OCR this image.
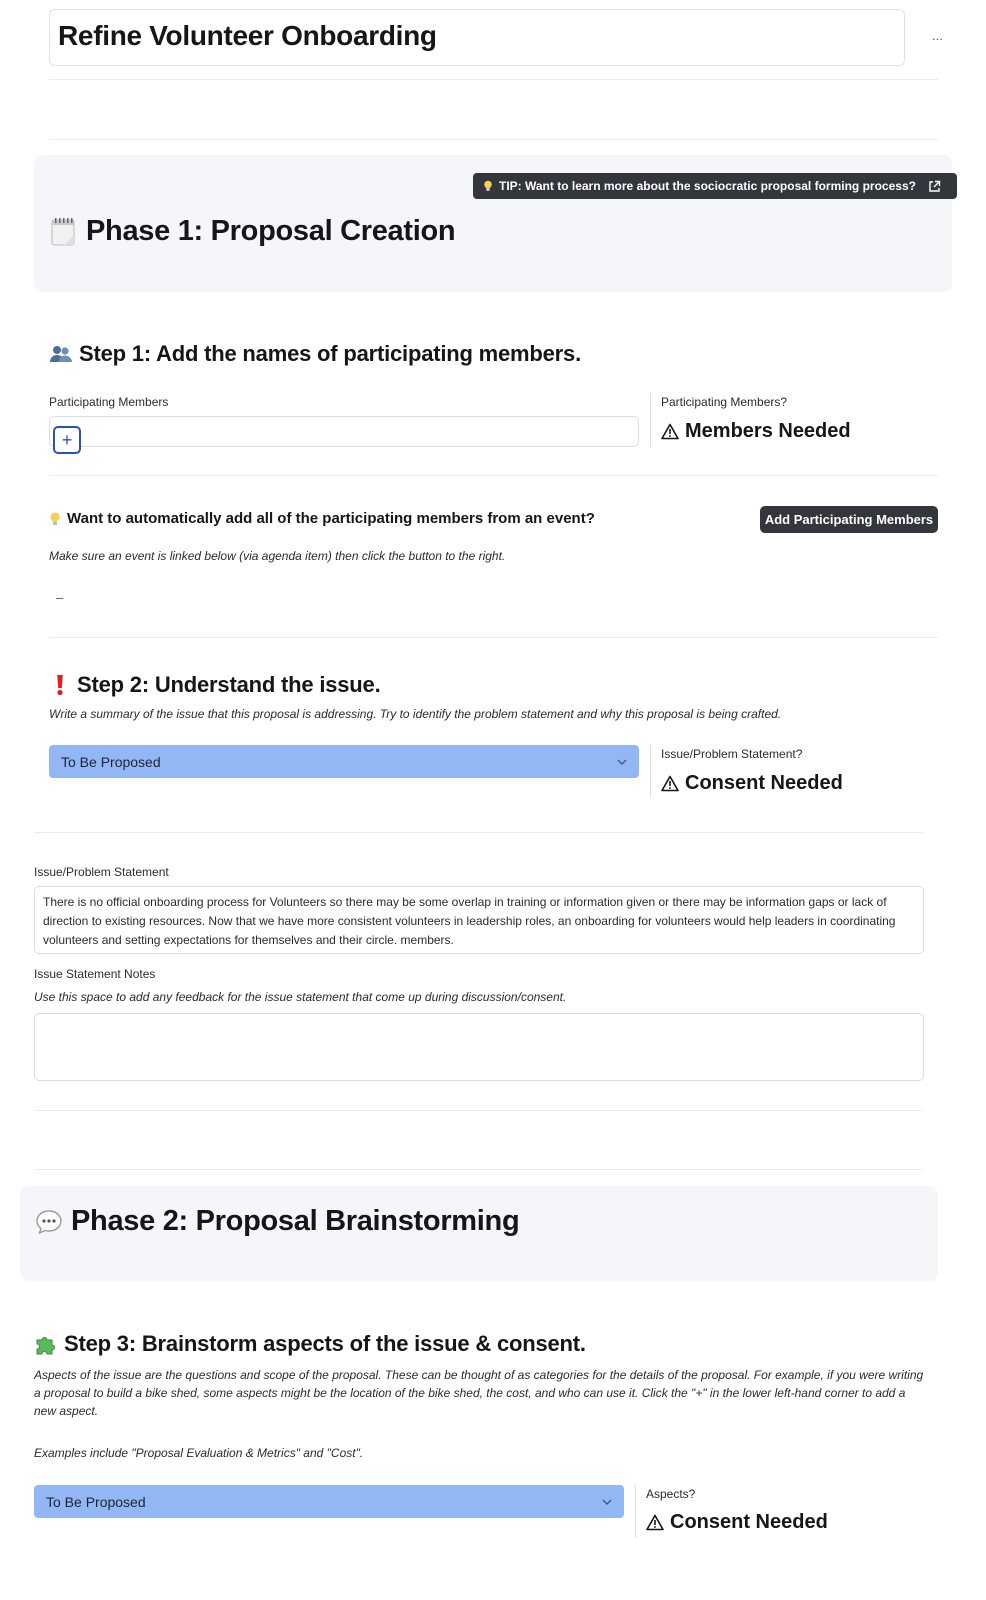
Refine Volunteer Onboarding	...
TIP: Want to learn more about the sociocratic proposal forming process?
Phase 1: Proposal Creation
Step 1: Add the names of participating members.
Participating Members
+
Participating Members?
Members Needed
Want to automatically add all of the participating members from an event?	Add Participating Members
Make sure an event is linked below (via agenda item) then click the button to the right.
–
Step 2: Understand the issue.
Write a summary of the issue that this proposal is addressing. Try to identify the problem statement and why this proposal is being crafted.
To Be Proposed	Issue/Problem Statement?
Consent Needed
Issue/Problem Statement
There is no official onboarding process for Volunteers so there may be some overlap in training or information given or there may be information gaps or lack of direction to existing resources. Now that we have more consistent volunteers in leadership roles, an onboarding for volunteers would help leaders in coordinating volunteers and setting expectations for themselves and their circle. members.
Issue Statement Notes
Use this space to add any feedback for the issue statement that come up during discussion/consent.
Phase 2: Proposal Brainstorming
Step 3: Brainstorm aspects of the issue & consent.
Aspects of the issue are the questions and scope of the proposal. These can be thought of as categories for the details of the proposal. For example, if you were writing a proposal to build a bike shed, some aspects might be the location of the bike shed, the cost, and who can use it. Click the "+" in the lower left-hand corner to add a new aspect.
Examples include "Proposal Evaluation & Metrics" and "Cost".
To Be Proposed	Aspects?
Consent Needed
